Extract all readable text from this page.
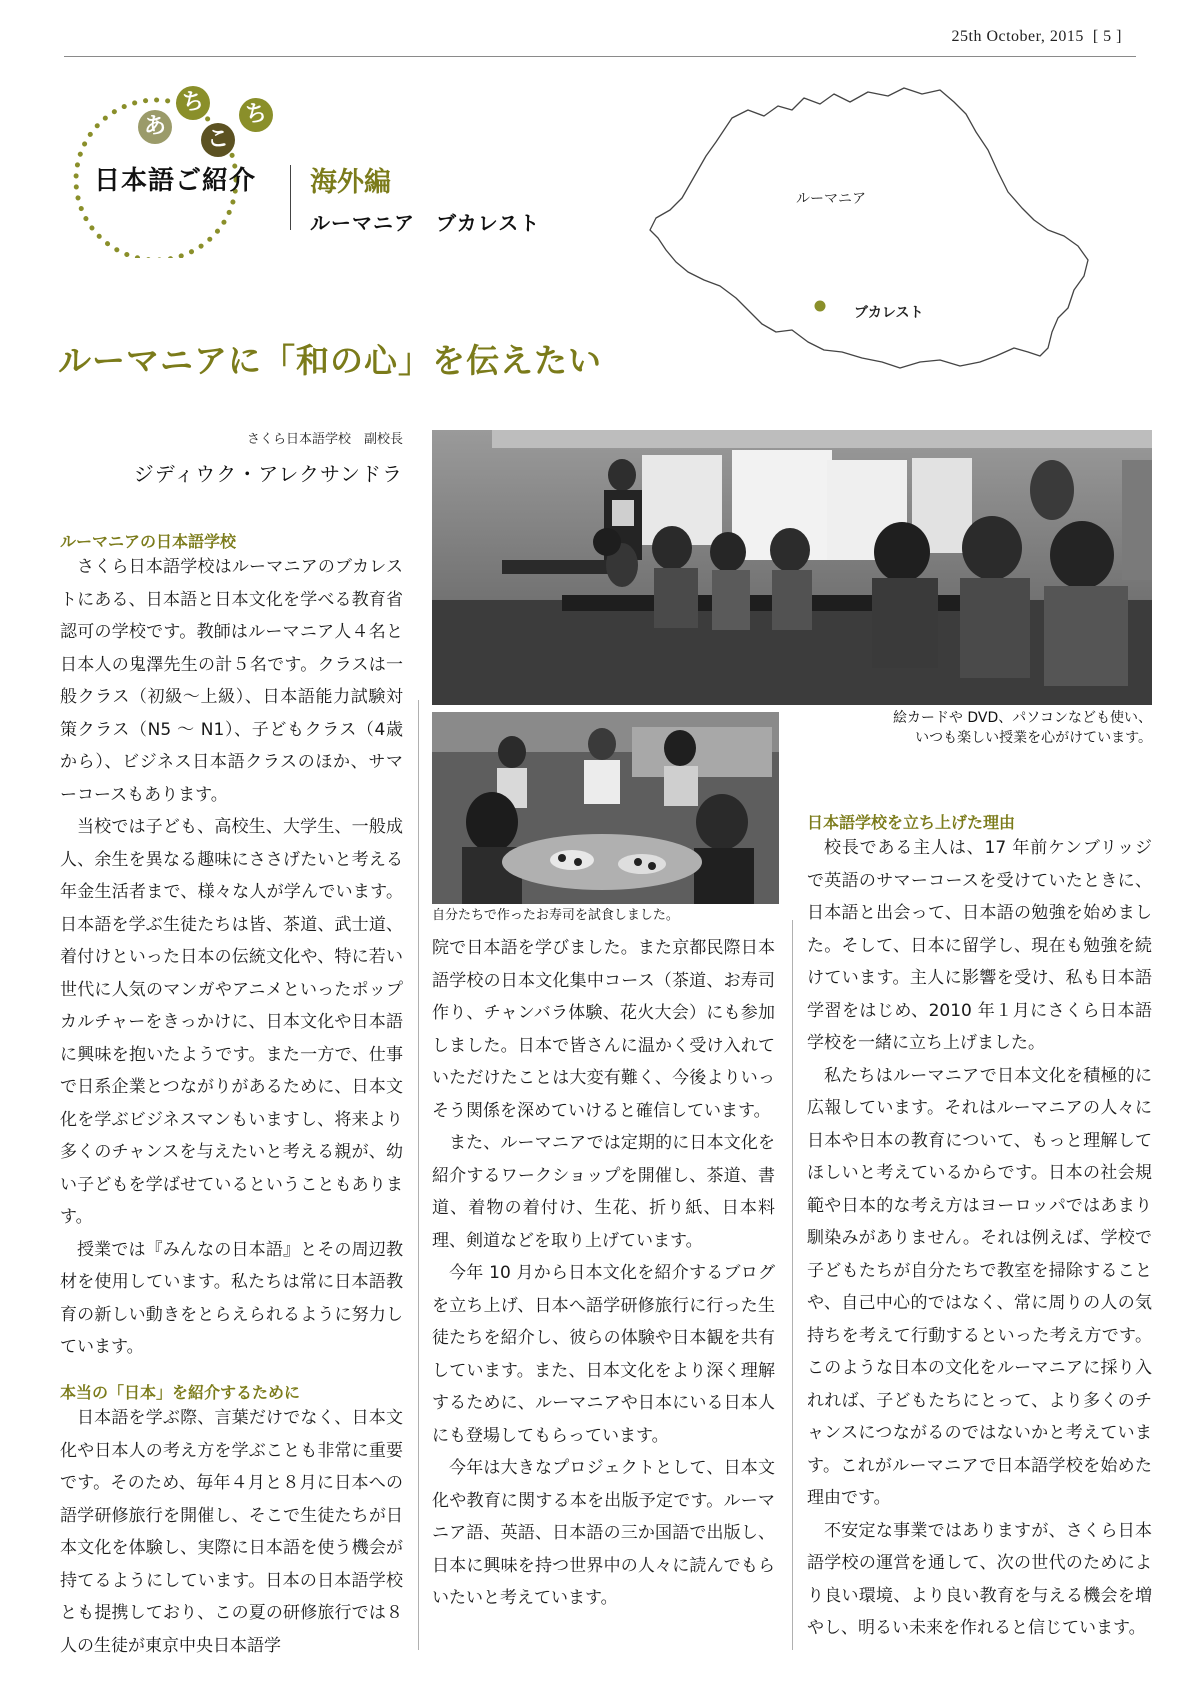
25th October, 2015 [ 5 ]
あ
ち
こ
ち
日本語ご紹介 海外編
ルーマニア　ブカレスト
ルーマニア
ブカレスト
ルーマニアに「和の心」を伝えたい
さくら日本語学校　副校長
ジディウク・アレクサンドラ
ルーマニアの日本語学校

さくら日本語学校はルーマニアのブカレストにある、日本語と日本文化を学べる教育省認可の学校です。教師はルーマニア人４名と日本人の鬼澤先生の計５名です。クラスは一般クラス（初級〜上級）、日本語能力試験対策クラス（N5 〜 N1）、子どもクラス（4歳から）、ビジネス日本語クラスのほか、サマーコースもあります。

当校では子ども、高校生、大学生、一般成人、余生を異なる趣味にささげたいと考える年金生活者まで、様々な人が学んでいます。日本語を学ぶ生徒たちは皆、茶道、武士道、着付けといった日本の伝統文化や、特に若い世代に人気のマンガやアニメといったポップカルチャーをきっかけに、日本文化や日本語に興味を抱いたようです。また一方で、仕事で日系企業とつながりがあるために、日本文化を学ぶビジネスマンもいますし、将来より多くのチャンスを与えたいと考える親が、幼い子どもを学ばせているということもあります。

授業では『みんなの日本語』とその周辺教材を使用しています。私たちは常に日本語教育の新しい動きをとらえられるように努力しています。

本当の「日本」を紹介するために

日本語を学ぶ際、言葉だけでなく、日本文化や日本人の考え方を学ぶことも非常に重要です。そのため、毎年４月と８月に日本への語学研修旅行を開催し、そこで生徒たちが日本文化を体験し、実際に日本語を使う機会が持てるようにしています。日本の日本語学校とも提携しており、この夏の研修旅行では８人の生徒が東京中央日本語学

自分たちで作ったお寿司を試食しました。
絵カードや DVD、パソコンなども使い、
いつも楽しい授業を心がけています。
院で日本語を学びました。また京都民際日本語学校の日本文化集中コース（茶道、お寿司作り、チャンバラ体験、花火大会）にも参加しました。日本で皆さんに温かく受け入れていただけたことは大変有難く、今後よりいっそう関係を深めていけると確信しています。

また、ルーマニアでは定期的に日本文化を紹介するワークショップを開催し、茶道、書道、着物の着付け、生花、折り紙、日本料理、剣道などを取り上げています。

今年 10 月から日本文化を紹介するブログを立ち上げ、日本へ語学研修旅行に行った生徒たちを紹介し、彼らの体験や日本観を共有しています。また、日本文化をより深く理解するために、ルーマニアや日本にいる日本人にも登場してもらっています。

今年は大きなプロジェクトとして、日本文化や教育に関する本を出版予定です。ルーマニア語、英語、日本語の三か国語で出版し、日本に興味を持つ世界中の人々に読んでもらいたいと考えています。

日本語学校を立ち上げた理由

校長である主人は、17 年前ケンブリッジで英語のサマーコースを受けていたときに、日本語と出会って、日本語の勉強を始めました。そして、日本に留学し、現在も勉強を続けています。主人に影響を受け、私も日本語学習をはじめ、2010 年１月にさくら日本語学校を一緒に立ち上げました。

私たちはルーマニアで日本文化を積極的に広報しています。それはルーマニアの人々に日本や日本の教育について、もっと理解してほしいと考えているからです。日本の社会規範や日本的な考え方はヨーロッパではあまり馴染みがありません。それは例えば、学校で子どもたちが自分たちで教室を掃除することや、自己中心的ではなく、常に周りの人の気持ちを考えて行動するといった考え方です。このような日本の文化をルーマニアに採り入れれば、子どもたちにとって、より多くのチャンスにつながるのではないかと考えています。これがルーマニアで日本語学校を始めた理由です。

不安定な事業ではありますが、さくら日本語学校の運営を通して、次の世代のためにより良い環境、より良い教育を与える機会を増やし、明るい未来を作れると信じています。
